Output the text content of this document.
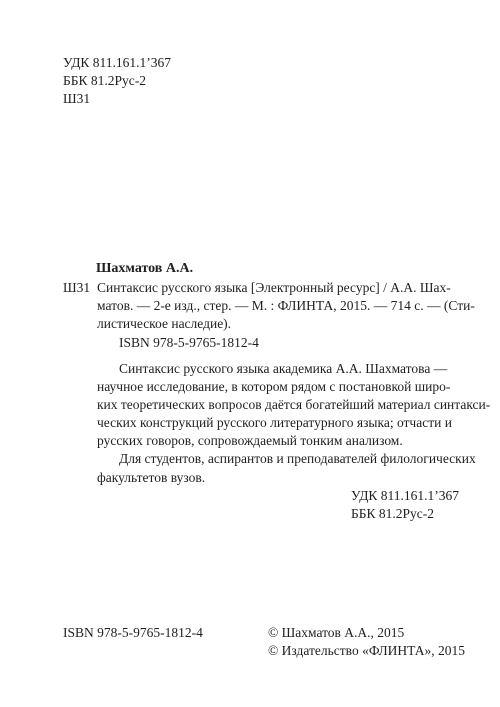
УДК 811.161.1’367
ББК 81.2Рус-2
Ш31
Шахматов А.А.
Ш31 Синтаксис русского языка [Электронный ресурс] / А.А. Шах-
матов. — 2-е изд., стер. — М. : ФЛИНТА, 2015. — 714 с. — (Сти-
листическое наследие).
ISBN 978-5-9765-1812-4
Синтаксис русского языка академика А.А. Шахматова —
научное исследование, в котором рядом с постановкой широ-
ких теоретических вопросов даётся богатейший материал синтакси-
ческих конструкций русского литературного языка; отчасти и
русских говоров, сопровождаемый тонким анализом.
Для студентов, аспирантов и преподавателей филологических
факультетов вузов.
УДК 811.161.1’367
ББК 81.2Рус-2
ISBN 978-5-9765-1812-4	© Шахматов А.А., 2015
© Издательство «ФЛИНТА», 2015
